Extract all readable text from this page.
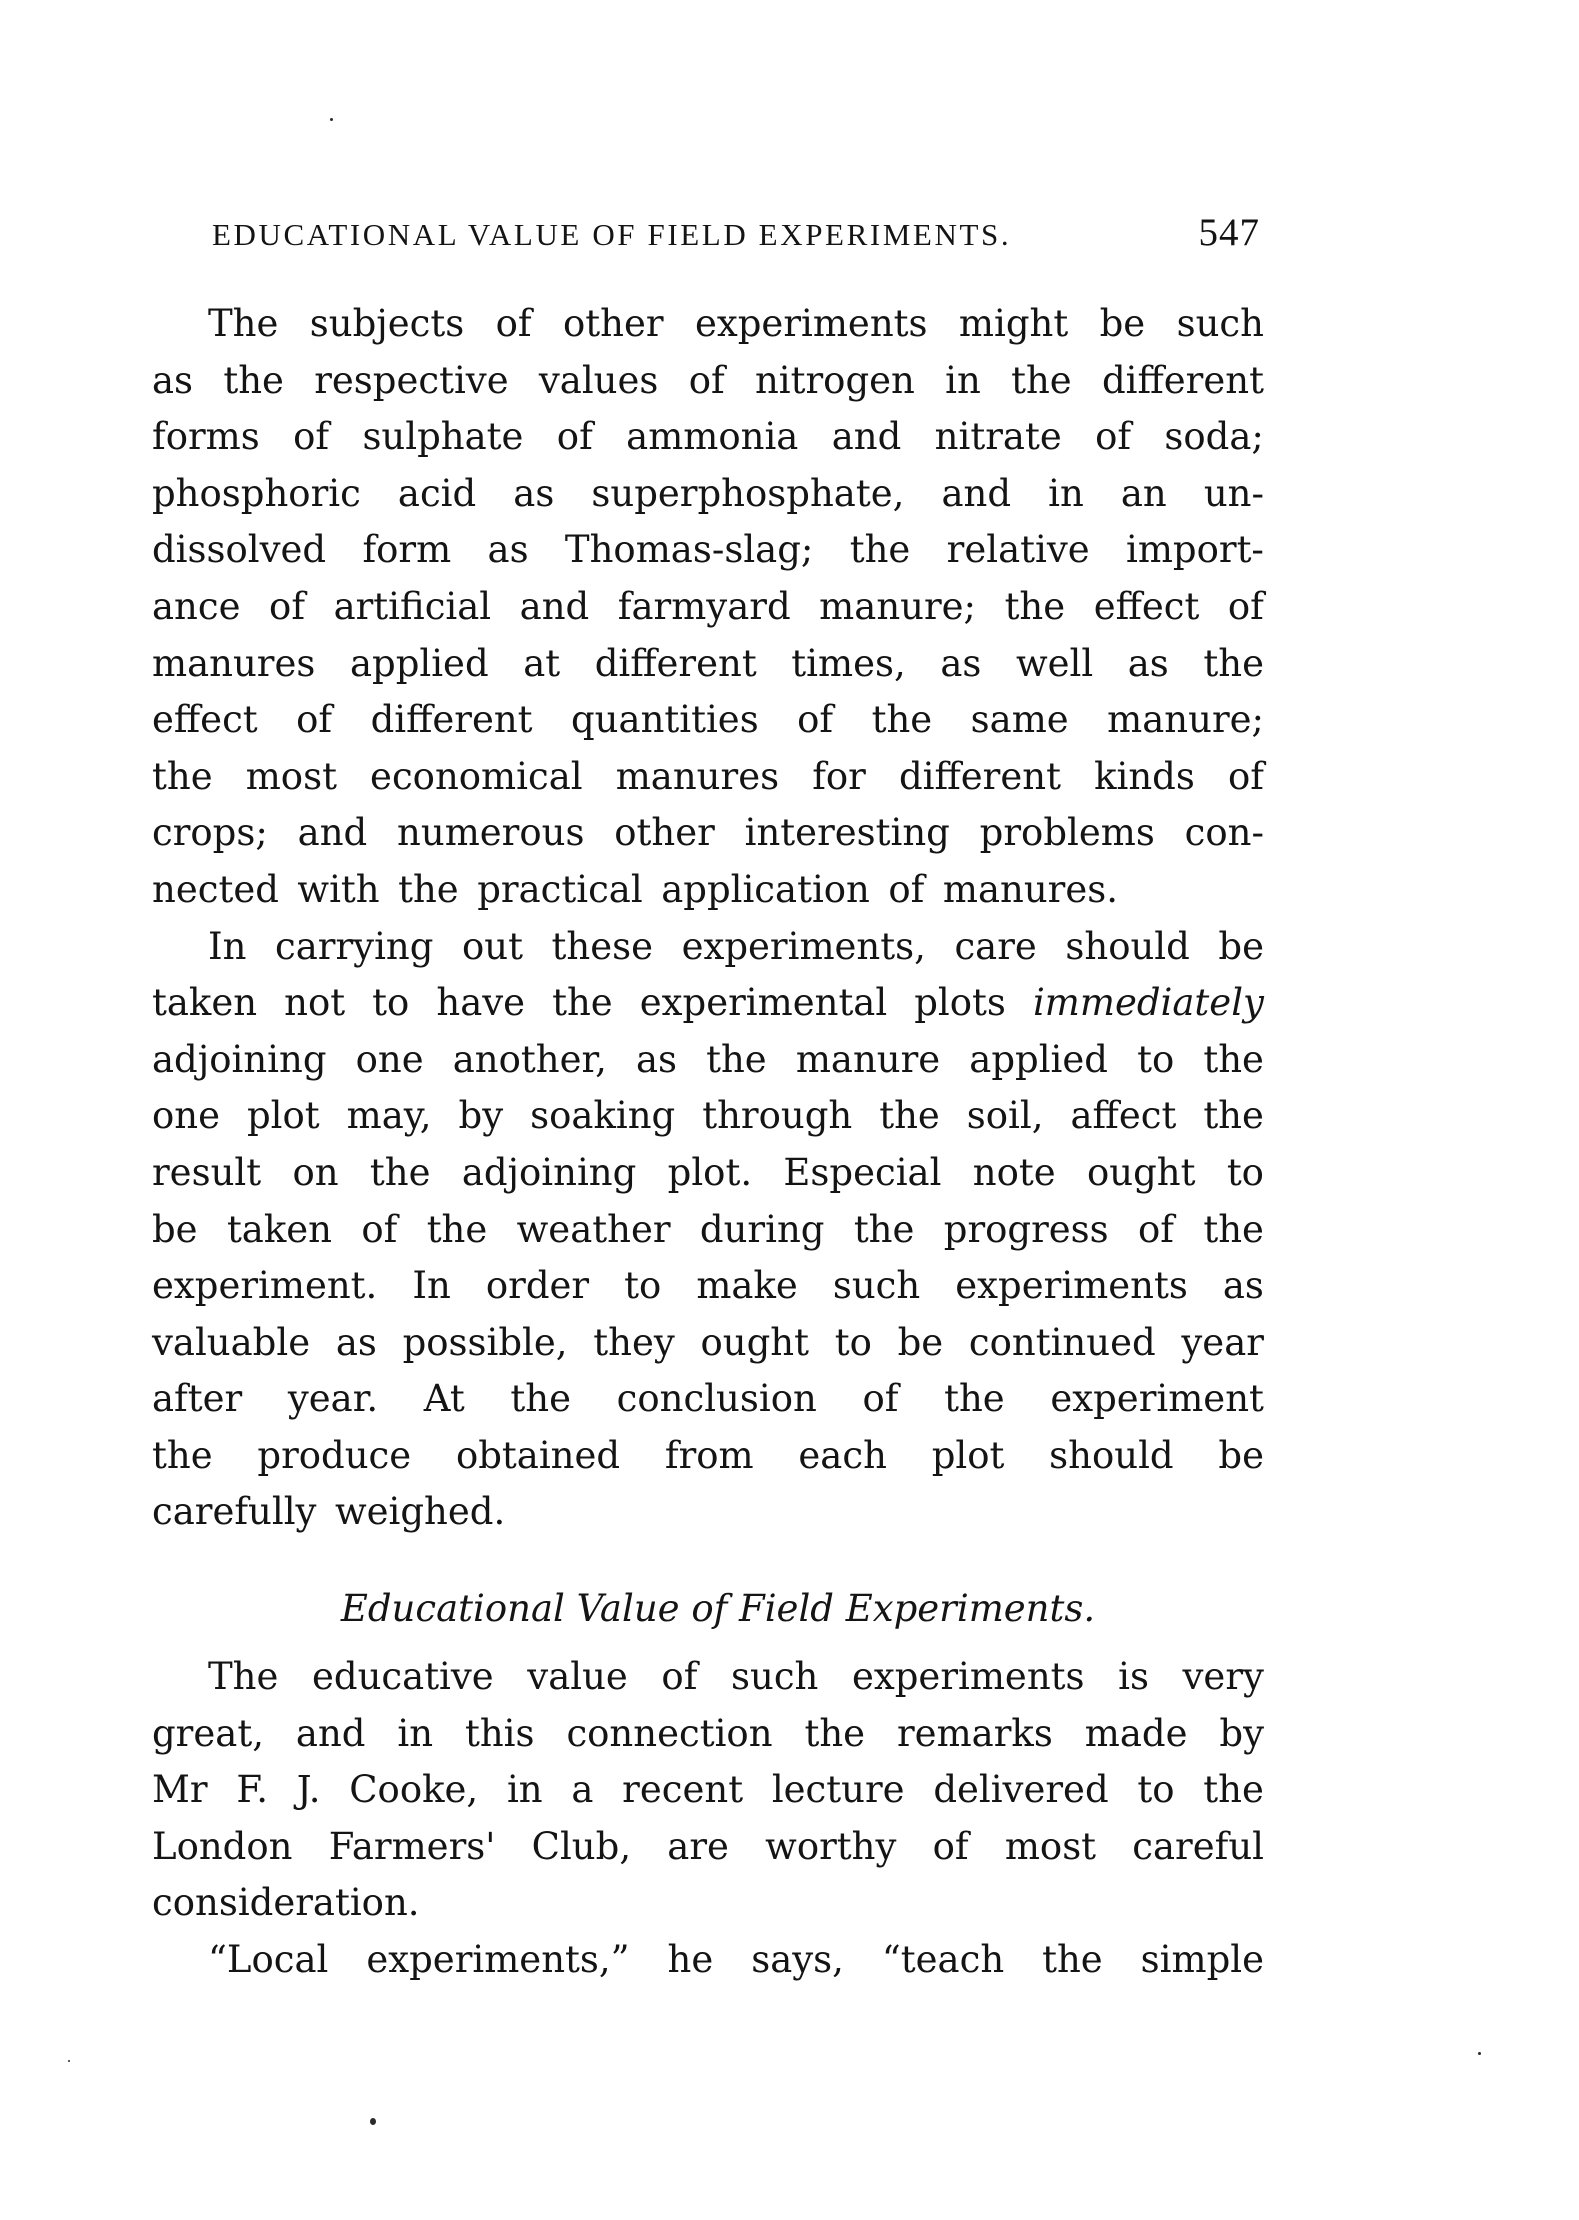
EDUCATIONAL VALUE OF FIELD EXPERIMENTS.	547
The subjects of other experiments might be such
as the respective values of nitrogen in the different
forms of sulphate of ammonia and nitrate of soda;
phosphoric acid as superphosphate, and in an un-
dissolved form as Thomas-slag; the relative import-
ance of artificial and farmyard manure; the effect of
manures applied at different times, as well as the
effect of different quantities of the same manure;
the most economical manures for different kinds of
crops; and numerous other interesting problems con-
nected with the practical application of manures.
In carrying out these experiments, care should be
taken not to have the experimental plots immediately
adjoining one another, as the manure applied to the
one plot may, by soaking through the soil, affect the
result on the adjoining plot. Especial note ought to
be taken of the weather during the progress of the
experiment. In order to make such experiments as
valuable as possible, they ought to be continued year
after year. At the conclusion of the experiment
the produce obtained from each plot should be
carefully weighed.
Educational Value of Field Experiments.
The educative value of such experiments is very
great, and in this connection the remarks made by
Mr F. J. Cooke, in a recent lecture delivered to the
London Farmers' Club, are worthy of most careful
consideration.
“Local experiments,” he says, “teach the simple
